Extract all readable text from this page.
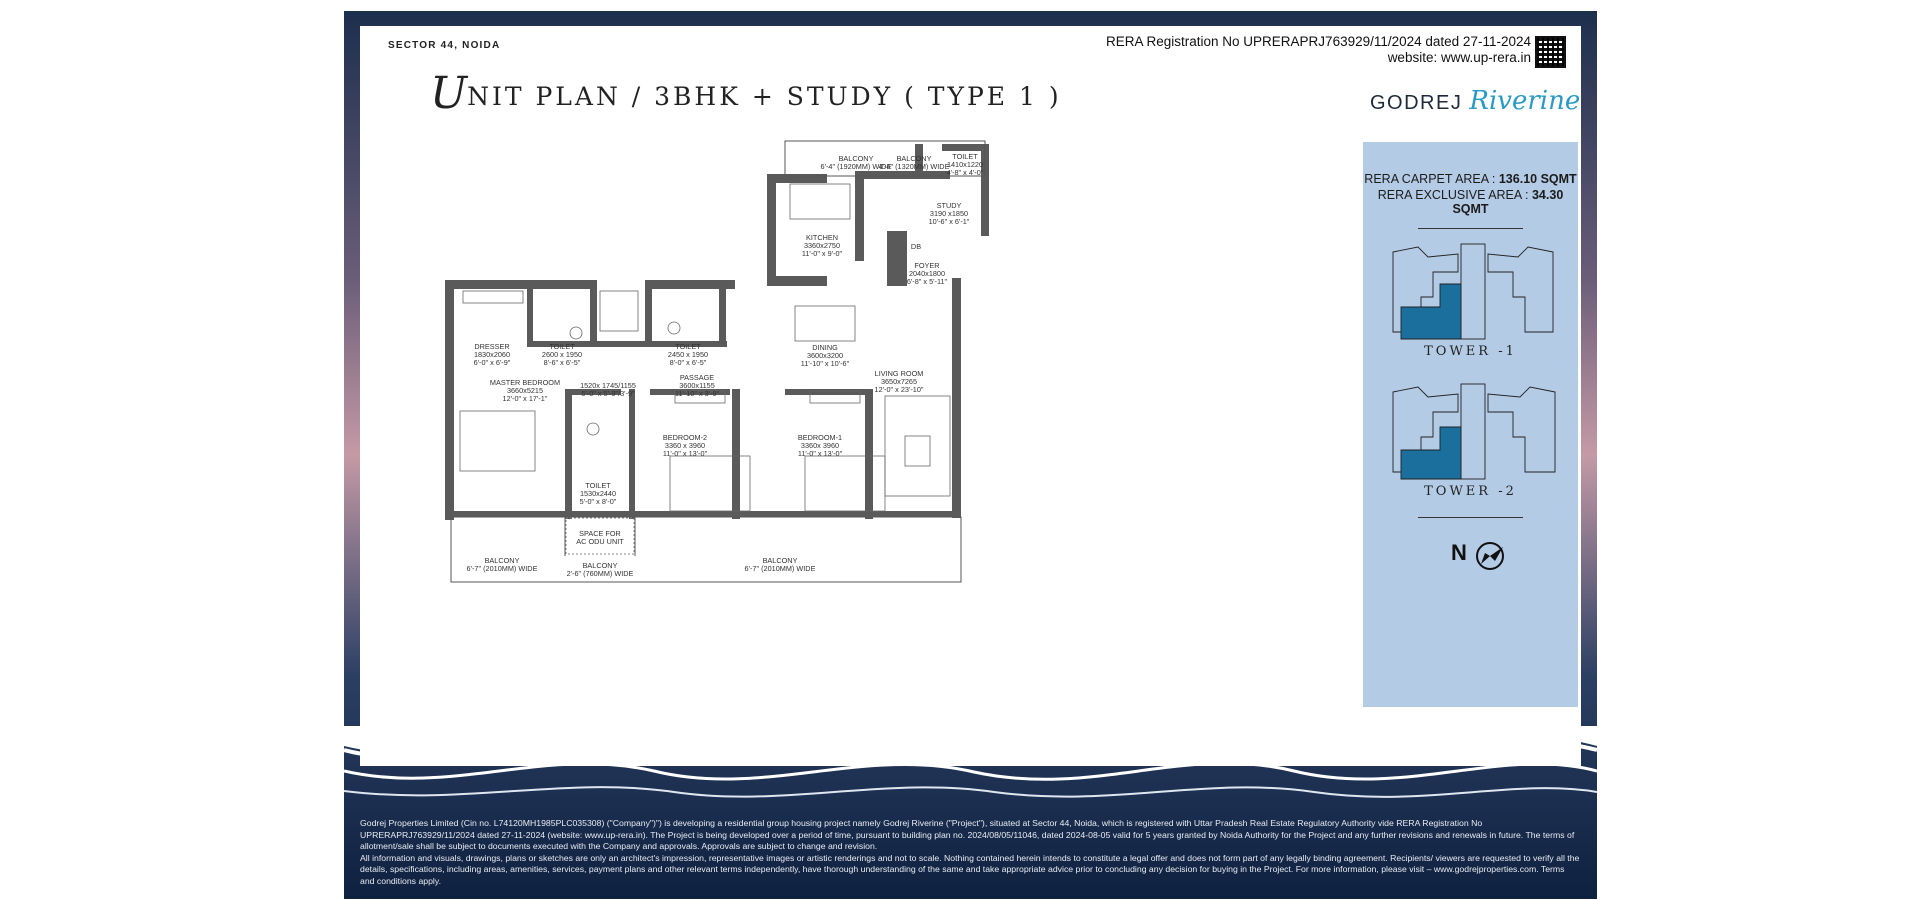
SECTOR 44, NOIDA	RERA Registration No UPRERAPRJ763929/11/2024 dated 27-11-2024
website: www.up-rera.in
UNIT PLAN / 3BHK + STUDY ( TYPE 1 )	GODREJ Riverine
BALCONY
6'-4" (1920MM) WIDE
BALCONY
4'-4" (1320MM) WIDE
TOILET
1410x1220
4'-8" x 4'-0"
STUDY
3190 x1850
10'-6" x 6'-1"
KITCHEN
3360x2750
11'-0" x 9'-0"
DB
FOYER
2040x1800
6'-8" x 5'-11"
DRESSER
1830x2060
6'-0" x 6'-9"
TOILET
2600 x 1950
8'-6" x 6'-5"
TOILET
2450 x 1950
8'-0" x 6'-5"
DINING
3600x3200
11'-10" x 10'-6"
MASTER BEDROOM
3660x5215
12'-0" x 17'-1"
1520x 1745/1155
5'-0" x 5'-9"/3'-9"
PASSAGE
3600x1155
11'-10" x 3'-9"
LIVING ROOM
3650x7265
12'-0" x 23'-10"
BEDROOM-2
3360 x 3960
11'-0" x 13'-0"
BEDROOM-1
3360x 3960
11'-0" x 13'-0"
TOILET
1530x2440
5'-0" x 8'-0"
BALCONY
6'-7" (2010MM) WIDE
SPACE FOR
AC ODU UNIT
BALCONY
2'-6" (760MM) WIDE
BALCONY
6'-7" (2010MM) WIDE
RERA CARPET AREA : 136.10 SQMT
RERA EXCLUSIVE AREA : 34.30 SQMT
TOWER -1
TOWER -2
N

Godrej Properties Limited (Cin no. L74120MH1985PLC035308) ("Company")") is developing a residential group housing project namely Godrej Riverine ("Project"), situated at Sector 44, Noida, which is registered with Uttar Pradesh Real Estate Regulatory Authority vide RERA Registration No UPRERAPRJ763929/11/2024 dated 27-11-2024 (website: www.up-rera.in). The Project is being developed over a period of time, pursuant to building plan no. 2024/08/05/11046, dated 2024-08-05 valid for 5 years granted by Noida Authority for the Project and any further revisions and renewals in future. The terms of allotment/sale shall be subject to documents executed with the Company and approvals. Approvals are subject to change and revision.

All information and visuals, drawings, plans or sketches are only an architect's impression, representative images or artistic renderings and not to scale. Nothing contained herein intends to constitute a legal offer and does not form part of any legally binding agreement. Recipients/ viewers are requested to verify all the details, specifications, including areas, amenities, services, payment plans and other relevant terms independently, have thorough understanding of the same and take appropriate advice prior to concluding any decision for buying in the Project. For more information, please visit – www.godrejproperties.com. Terms and conditions apply.
